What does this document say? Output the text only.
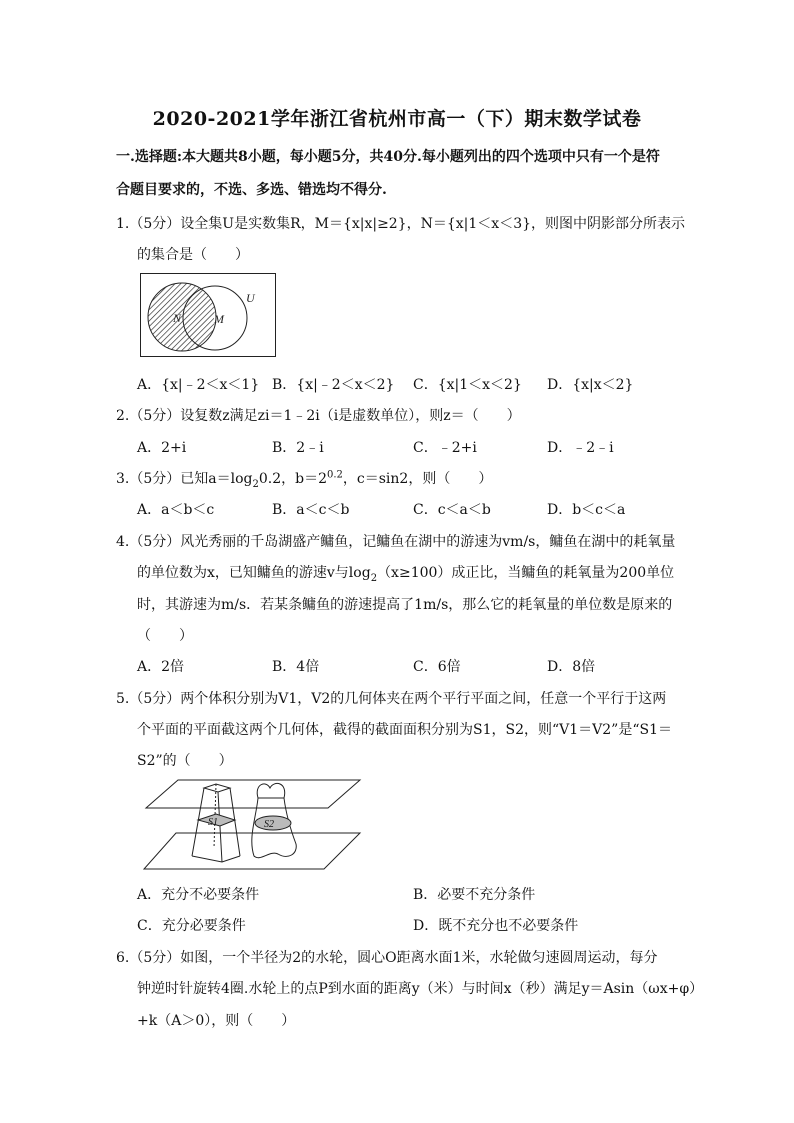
2020-2021学年浙江省杭州市高一（下）期末数学试卷
一.选择题:本大题共8小题，每小题5分，共40分.每小题列出的四个选项中只有一个是符
合题目要求的，不选、多选、错选均不得分.
1.（5分）设全集U是实数集R，M＝{x|x|≥2}，N＝{x|1＜x＜3}，则图中阴影部分所表示
的集合是（　　）
N	M
U
A．{x|﹣2＜x＜1} B．{x|﹣2＜x＜2} C．{x|1＜x＜2} D．{x|x＜2}
2.（5分）设复数z满足zi＝1﹣2i（i是虚数单位），则z＝（　　）
A．2+i	B．2﹣i	C．﹣2+i	D．﹣2﹣i
3.（5分）已知$a=\log_20.2$，$b=2^{0.2}$，c＝sin2，则（　　）
A．a＜b＜c	B．a＜c＜b	C．c＜a＜b	D．b＜c＜a
4.（5分）风光秀丽的千岛湖盛产鳙鱼，记鳙鱼在湖中的游速为vm/s，鳙鱼在湖中的耗氧量
的单位数为x，已知鳙鱼的游速v与$\log_2(x\ge 100)$成正比，当鳙鱼的耗氧量为200单位
时，其游速为m/s．若某条鳙鱼的游速提高了1m/s，那么它的耗氧量的单位数是原来的
（　　）
A．2倍	B．4倍	C．6倍	D．8倍
5.（5分）两个体积分别为V1，V2的几何体夹在两个平行平面之间，任意一个平行于这两
个平面的平面截这两个几何体，截得的截面面积分别为S1，S2，则“V1＝V2”是“S1＝
S2”的（　　）
S1	S2
A．充分不必要条件	B．必要不充分条件
C．充分必要条件	D．既不充分也不必要条件
6.（5分）如图，一个半径为2的水轮，圆心O距离水面1米，水轮做匀速圆周运动，每分
钟逆时针旋转4圈.水轮上的点P到水面的距离y（米）与时间x（秒）满足y＝Asin（ωx+φ）
+k（A＞0），则（　　）
